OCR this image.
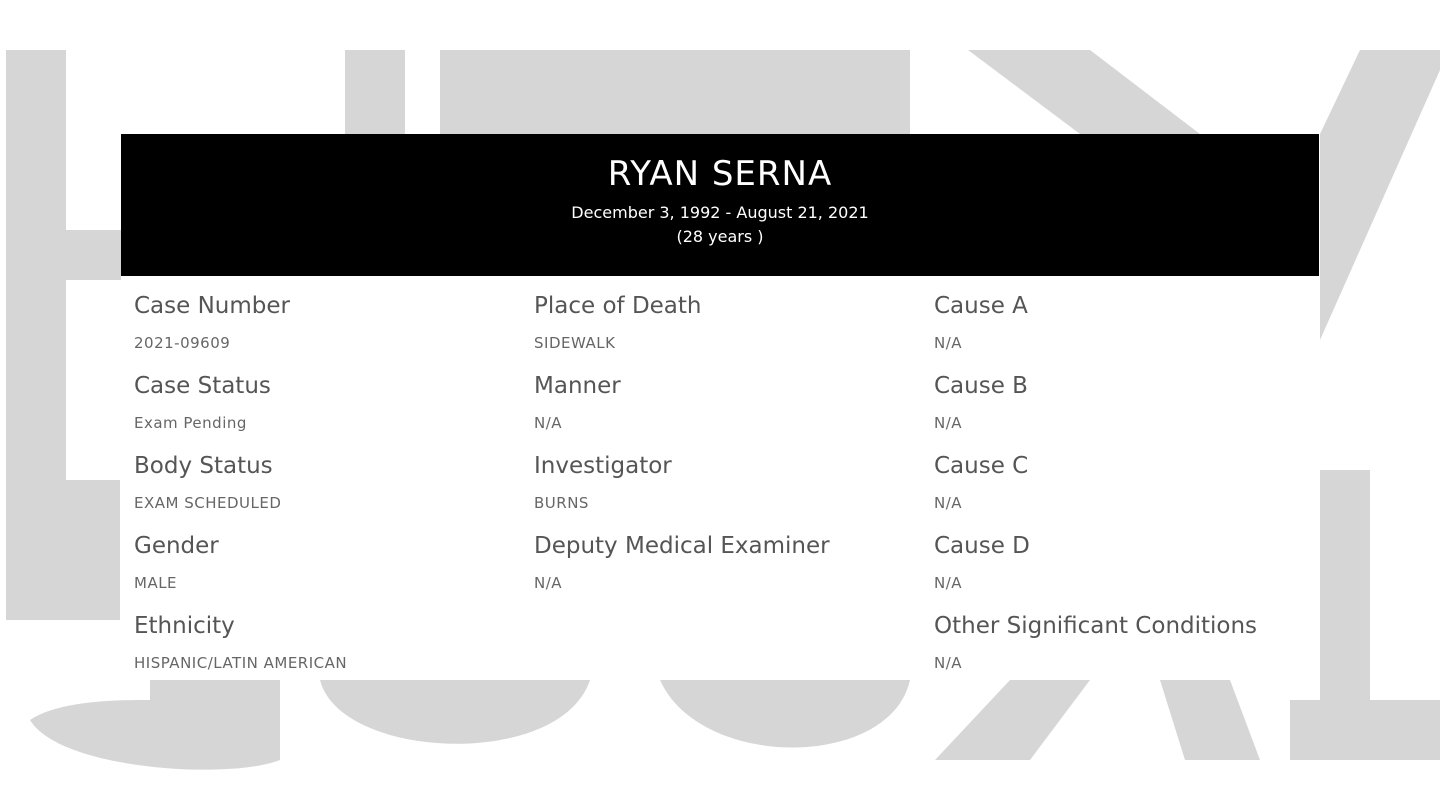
RYAN SERNA
December 3, 1992 - August 21, 2021
(28 years )
Case Number
2021-09609
Case Status
Exam Pending
Body Status
EXAM SCHEDULED
Gender
MALE
Ethnicity
HISPANIC/LATIN AMERICAN
Place of Death
SIDEWALK
Manner
N/A
Investigator
BURNS
Deputy Medical Examiner
N/A
Cause A
N/A
Cause B
N/A
Cause C
N/A
Cause D
N/A
Other Significant Conditions
N/A
